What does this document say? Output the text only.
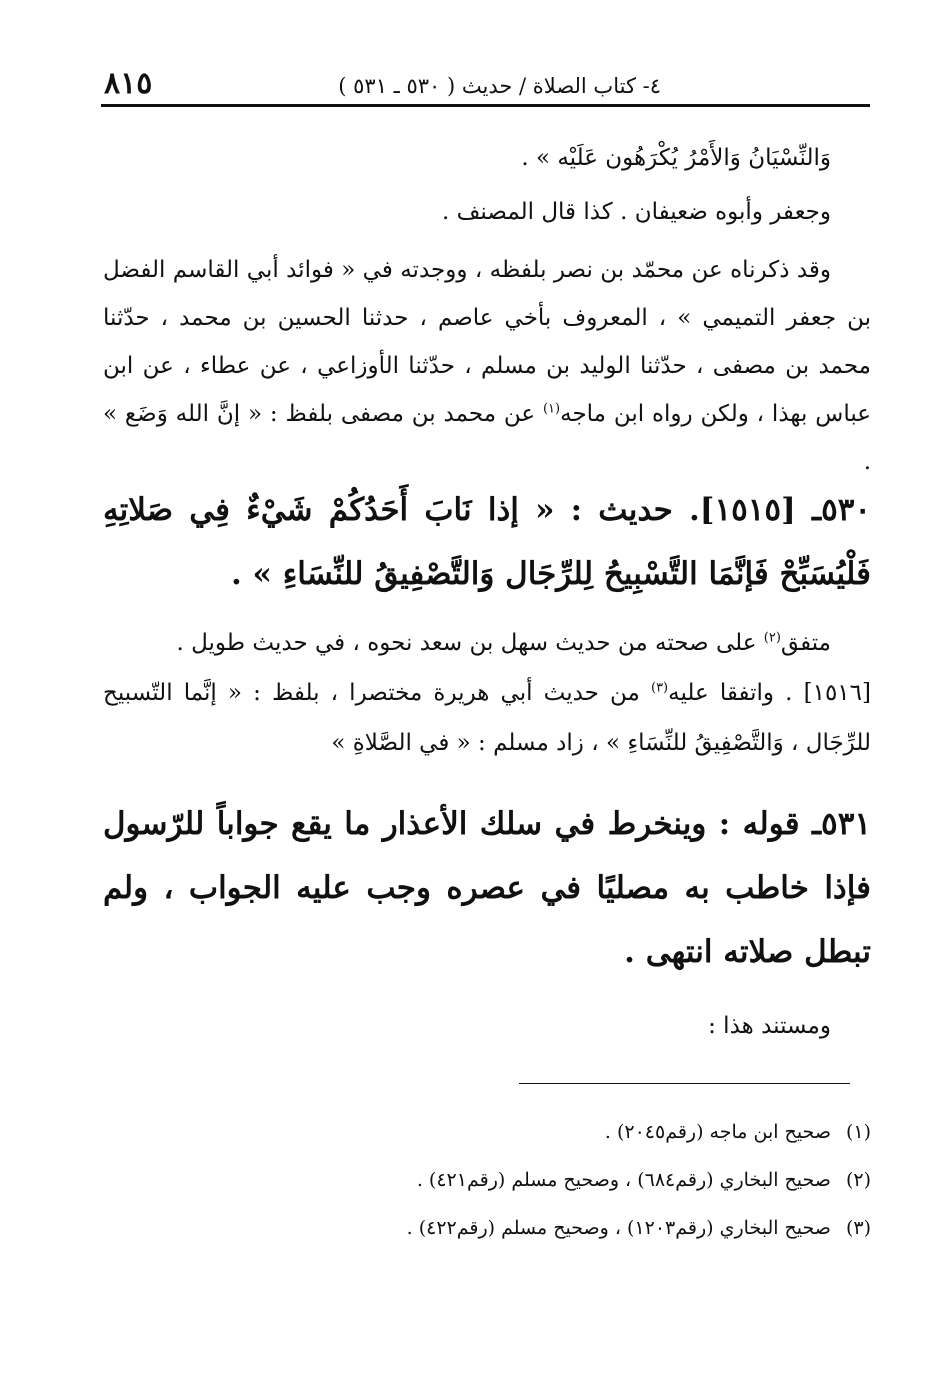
٨١٥	٤- كتاب الصلاة / حديث ( ٥٣٠ ـ ٥٣١ )
وَالنِّسْيَانُ وَالأَمْرُ يُكْرَهُون عَلَيْه » .
وجعفر وأبوه ضعيفان . كذا قال المصنف .
وقد ذكرناه عن محمّد بن نصر بلفظه ، ووجدته في « فوائد أبي القاسم الفضل بن جعفر التميمي » ، المعروف بأخي عاصم ، حدثنا الحسين بن محمد ، حدّثنا محمد بن مصفى ، حدّثنا الوليد بن مسلم ، حدّثنا الأوزاعي ، عن عطاء ، عن ابن عباس بهذا ، ولكن رواه ابن ماجه$^{(١)}$ عن محمد بن مصفى بلفظ : « إنَّ الله وَضَع » .
٥٣٠ـ [١٥١٥]. حديث : « إذا نَابَ أَحَدُكُمْ شَيْءٌ فِي صَلاتِهِ فَلْيُسَبِّحْ فَإنَّمَا التَّسْبِيحُ لِلرِّجَال وَالتَّصْفِيقُ للنِّسَاءِ » .
متفق$^{(٢)}$ على صحته من حديث سهل بن سعد نحوه ، في حديث طويل .
[١٥١٦] . واتفقا عليه$^{(٣)}$ من حديث أبي هريرة مختصرا ، بلفظ : « إنَّما التّسبيح للرِّجَال ، وَالتَّصْفِيقُ للنِّسَاءِ » ، زاد مسلم : « في الصَّلاةِ »
٥٣١ـ قوله : وينخرط في سلك الأعذار ما يقع جواباً للرّسول فإذا خاطب به مصليًا في عصره وجب عليه الجواب ، ولم تبطل صلاته انتهى .
ومستند هذا :
(١) صحيح ابن ماجه (رقم٢٠٤٥) .
(٢) صحيح البخاري (رقم٦٨٤) ، وصحيح مسلم (رقم٤٢١) .
(٣) صحيح البخاري (رقم١٢٠٣) ، وصحيح مسلم (رقم٤٢٢) .
